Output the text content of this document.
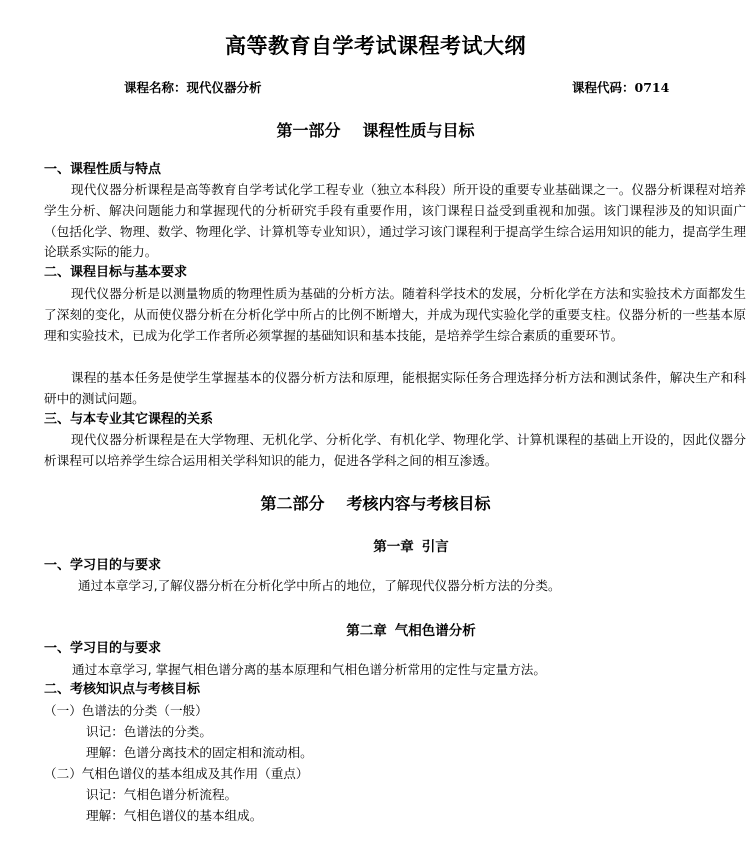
高等教育自学考试课程考试大纲
课程名称：现代仪器分析	课程代码：0714
第一部分 课程性质与目标
一、课程性质与特点

现代仪器分析课程是高等教育自学考试化学工程专业（独立本科段）所开设的重要专业基础课之一。仪器分析课程对培养学生分析、解决问题能力和掌握现代的分析研究手段有重要作用，该门课程日益受到重视和加强。该门课程涉及的知识面广（包括化学、物理、数学、物理化学、计算机等专业知识），通过学习该门课程利于提高学生综合运用知识的能力，提高学生理论联系实际的能力。

二、课程目标与基本要求

现代仪器分析是以测量物质的物理性质为基础的分析方法。随着科学技术的发展，分析化学在方法和实验技术方面都发生了深刻的变化，从而使仪器分析在分析化学中所占的比例不断增大，并成为现代实验化学的重要支柱。仪器分析的一些基本原理和实验技术，已成为化学工作者所必须掌握的基础知识和基本技能，是培养学生综合素质的重要环节。

课程的基本任务是使学生掌握基本的仪器分析方法和原理，能根据实际任务合理选择分析方法和测试条件，解决生产和科研中的测试问题。

三、与本专业其它课程的关系

现代仪器分析课程是在大学物理、无机化学、分析化学、有机化学、物理化学、计算机课程的基础上开设的，因此仪器分析课程可以培养学生综合运用相关学科知识的能力，促进各学科之间的相互渗透。

第二部分 考核内容与考核目标
第一章 引言
一、学习目的与要求
通过本章学习,了解仪器分析在分析化学中所占的地位，了解现代仪器分析方法的分类。
第二章 气相色谱分析
一、学习目的与要求
通过本章学习, 掌握气相色谱分离的基本原理和气相色谱分析常用的定性与定量方法。
二、考核知识点与考核目标
（一）色谱法的分类（一般）
识记：色谱法的分类。
理解：色谱分离技术的固定相和流动相。
（二）气相色谱仪的基本组成及其作用（重点）
识记：气相色谱分析流程。
理解：气相色谱仪的基本组成。
